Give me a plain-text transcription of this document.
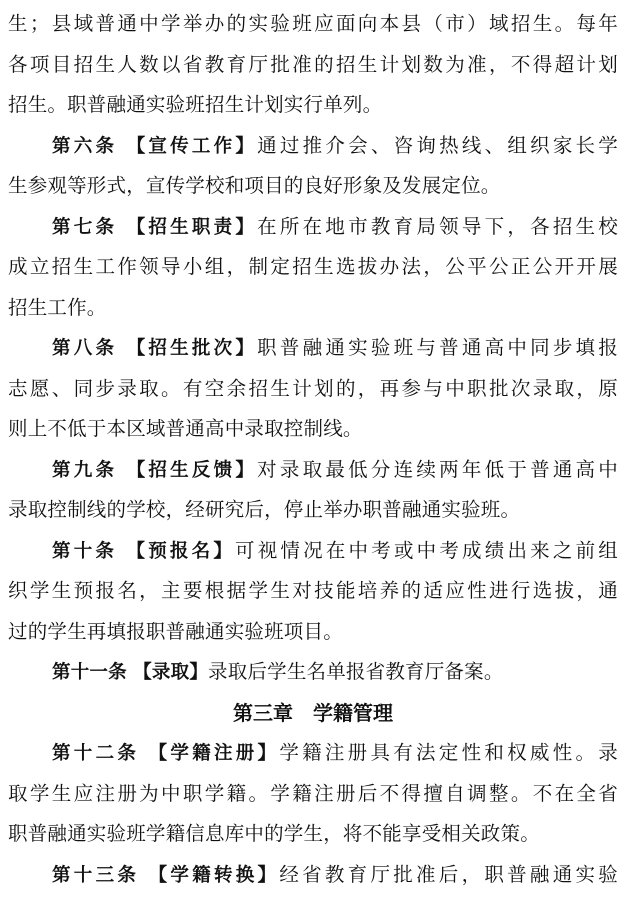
生；县域普通中学举办的实验班应面向本县（市）域招生。每年
各项目招生人数以省教育厅批准的招生计划数为准，不得超计划
招生。职普融通实验班招生计划实行单列。
第六条 【宣传工作】通过推介会、咨询热线、组织家长学
生参观等形式，宣传学校和项目的良好形象及发展定位。
第七条 【招生职责】在所在地市教育局领导下，各招生校
成立招生工作领导小组，制定招生选拔办法，公平公正公开开展
招生工作。
第八条 【招生批次】职普融通实验班与普通高中同步填报
志愿、同步录取。有空余招生计划的，再参与中职批次录取，原
则上不低于本区域普通高中录取控制线。
第九条 【招生反馈】对录取最低分连续两年低于普通高中
录取控制线的学校，经研究后，停止举办职普融通实验班。
第十条 【预报名】可视情况在中考或中考成绩出来之前组
织学生预报名，主要根据学生对技能培养的适应性进行选拔，通
过的学生再填报职普融通实验班项目。
第十一条 【录取】录取后学生名单报省教育厅备案。
第三章　学籍管理
第十二条 【学籍注册】学籍注册具有法定性和权威性。录
取学生应注册为中职学籍。学籍注册后不得擅自调整。不在全省
职普融通实验班学籍信息库中的学生，将不能享受相关政策。
第十三条 【学籍转换】经省教育厅批准后，职普融通实验
